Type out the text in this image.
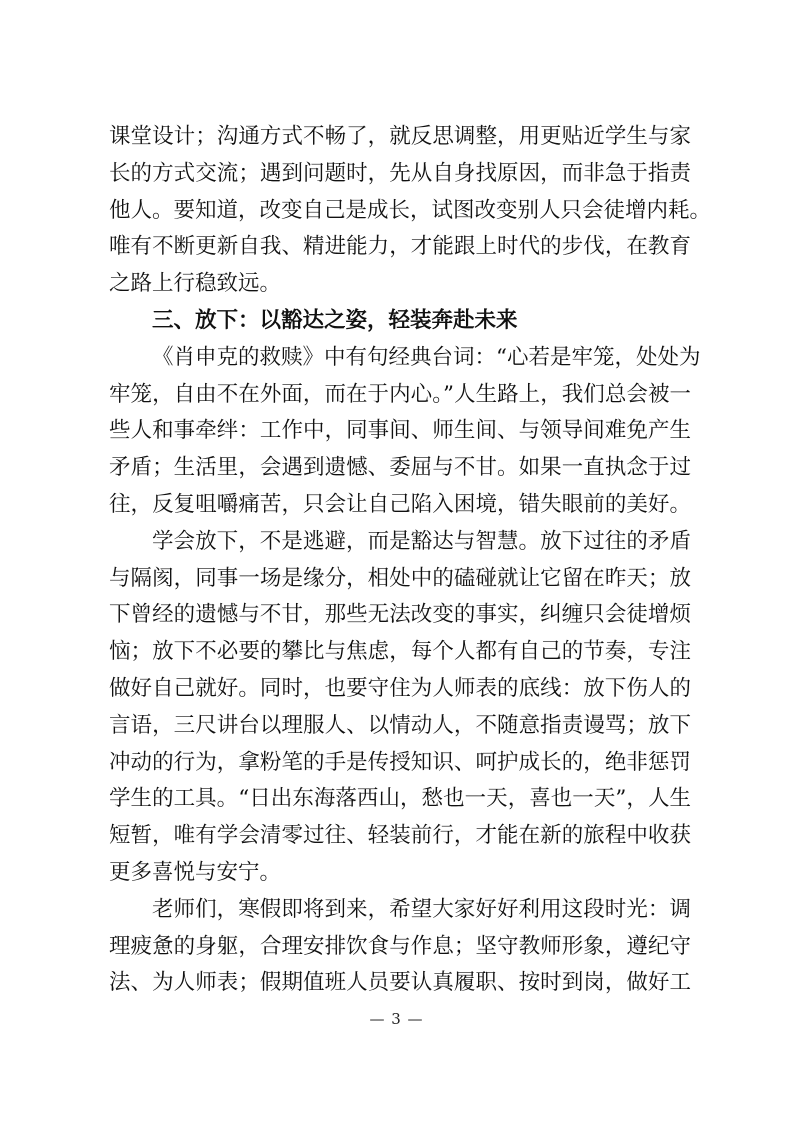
课堂设计；沟通方式不畅了，就反思调整，用更贴近学生与家
长的方式交流；遇到问题时，先从自身找原因，而非急于指责
他人。要知道，改变自己是成长，试图改变别人只会徒增内耗。
唯有不断更新自我、精进能力，才能跟上时代的步伐，在教育
之路上行稳致远。
三、放下：以豁达之姿，轻装奔赴未来
《肖申克的救赎》中有句经典台词：“心若是牢笼，处处为
牢笼，自由不在外面，而在于内心。”人生路上，我们总会被一
些人和事牵绊：工作中，同事间、师生间、与领导间难免产生
矛盾；生活里，会遇到遗憾、委屈与不甘。如果一直执念于过
往，反复咀嚼痛苦，只会让自己陷入困境，错失眼前的美好。
学会放下，不是逃避，而是豁达与智慧。放下过往的矛盾
与隔阂，同事一场是缘分，相处中的磕碰就让它留在昨天；放
下曾经的遗憾与不甘，那些无法改变的事实，纠缠只会徒增烦
恼；放下不必要的攀比与焦虑，每个人都有自己的节奏，专注
做好自己就好。同时，也要守住为人师表的底线：放下伤人的
言语，三尺讲台以理服人、以情动人，不随意指责谩骂；放下
冲动的行为，拿粉笔的手是传授知识、呵护成长的，绝非惩罚
学生的工具。“日出东海落西山，愁也一天，喜也一天”，人生
短暂，唯有学会清零过往、轻装前行，才能在新的旅程中收获
更多喜悦与安宁。
老师们，寒假即将到来，希望大家好好利用这段时光：调
理疲惫的身躯，合理安排饮食与作息；坚守教师形象，遵纪守
法、为人师表；假期值班人员要认真履职、按时到岗，做好工
— 3 —
